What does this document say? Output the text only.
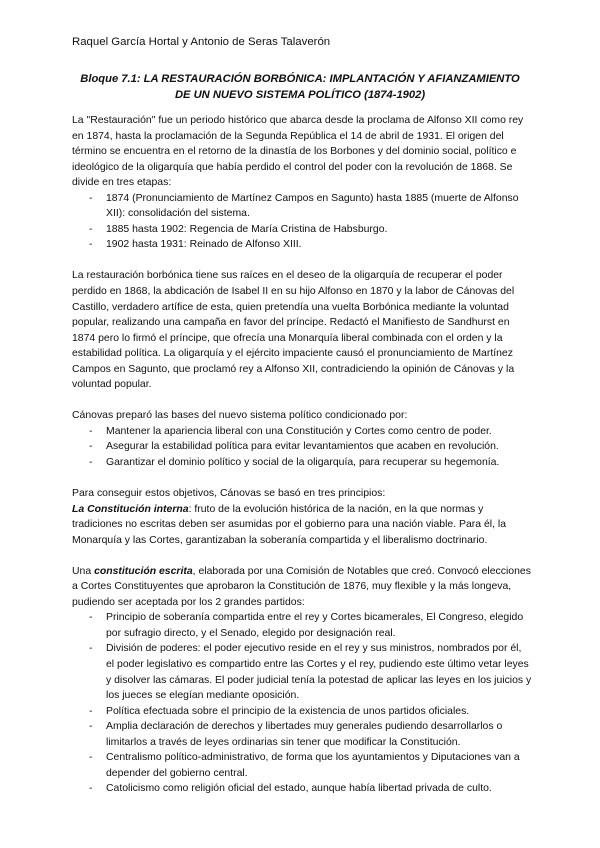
Raquel García Hortal y Antonio de Seras Talaverón
Bloque 7.1: LA RESTAURACIÓN BORBÓNICA: IMPLANTACIÓN Y AFIANZAMIENTO
DE UN NUEVO SISTEMA POLÍTICO (1874-1902)

La "Restauración" fue un periodo histórico que abarca desde la proclama de Alfonso XII como rey en 1874, hasta la proclamación de la Segunda República el 14 de abril de 1931. El origen del término se encuentra en el retorno de la dinastía de los Borbones y del dominio social, político e ideológico de la oligarquía que había perdido el control del poder con la revolución de 1868. Se divide en tres etapas:

- 1874 (Pronunciamiento de Martínez Campos en Sagunto) hasta 1885 (muerte de Alfonso XII): consolidación del sistema.
- 1885 hasta 1902: Regencia de María Cristina de Habsburgo.
- 1902 hasta 1931: Reinado de Alfonso XIII.

La restauración borbónica tiene sus raíces en el deseo de la oligarquía de recuperar el poder perdido en 1868, la abdicación de Isabel II en su hijo Alfonso en 1870 y la labor de Cánovas del Castillo, verdadero artífice de esta, quien pretendía una vuelta Borbónica mediante la voluntad popular, realizando una campaña en favor del príncipe. Redactó el Manifiesto de Sandhurst en 1874 pero lo firmó el príncipe, que ofrecía una Monarquía liberal combinada con el orden y la estabilidad política. La oligarquía y el ejército impaciente causó el pronunciamiento de Martínez Campos en Sagunto, que proclamó rey a Alfonso XII, contradiciendo la opinión de Cánovas y la voluntad popular.

Cánovas preparó las bases del nuevo sistema político condicionado por:

- Mantener la apariencia liberal con una Constitución y Cortes como centro de poder.
- Asegurar la estabilidad política para evitar levantamientos que acaben en revolución.
- Garantizar el dominio político y social de la oligarquía, para recuperar su hegemonía.

Para conseguir estos objetivos, Cánovas se basó en tres principios:

La Constitución interna: fruto de la evolución histórica de la nación, en la que normas y tradiciones no escritas deben ser asumidas por el gobierno para una nación viable. Para él, la Monarquía y las Cortes, garantizaban la soberanía compartida y el liberalismo doctrinario.

Una constitución escrita, elaborada por una Comisión de Notables que creó. Convocó elecciones a Cortes Constituyentes que aprobaron la Constitución de 1876, muy flexible y la más longeva, pudiendo ser aceptada por los 2 grandes partidos:

- Principio de soberanía compartida entre el rey y Cortes bicamerales, El Congreso, elegido por sufragio directo, y el Senado, elegido por designación real.
- División de poderes: el poder ejecutivo reside en el rey y sus ministros, nombrados por él, el poder legislativo es compartido entre las Cortes y el rey, pudiendo este último vetar leyes y disolver las cámaras. El poder judicial tenía la potestad de aplicar las leyes en los juicios y los jueces se elegían mediante oposición.
- Política efectuada sobre el principio de la existencia de unos partidos oficiales.
- Amplia declaración de derechos y libertades muy generales pudiendo desarrollarlos o limitarlos a través de leyes ordinarias sin tener que modificar la Constitución.
- Centralismo político-administrativo, de forma que los ayuntamientos y Diputaciones van a depender del gobierno central.
- Catolicismo como religión oficial del estado, aunque había libertad privada de culto.
